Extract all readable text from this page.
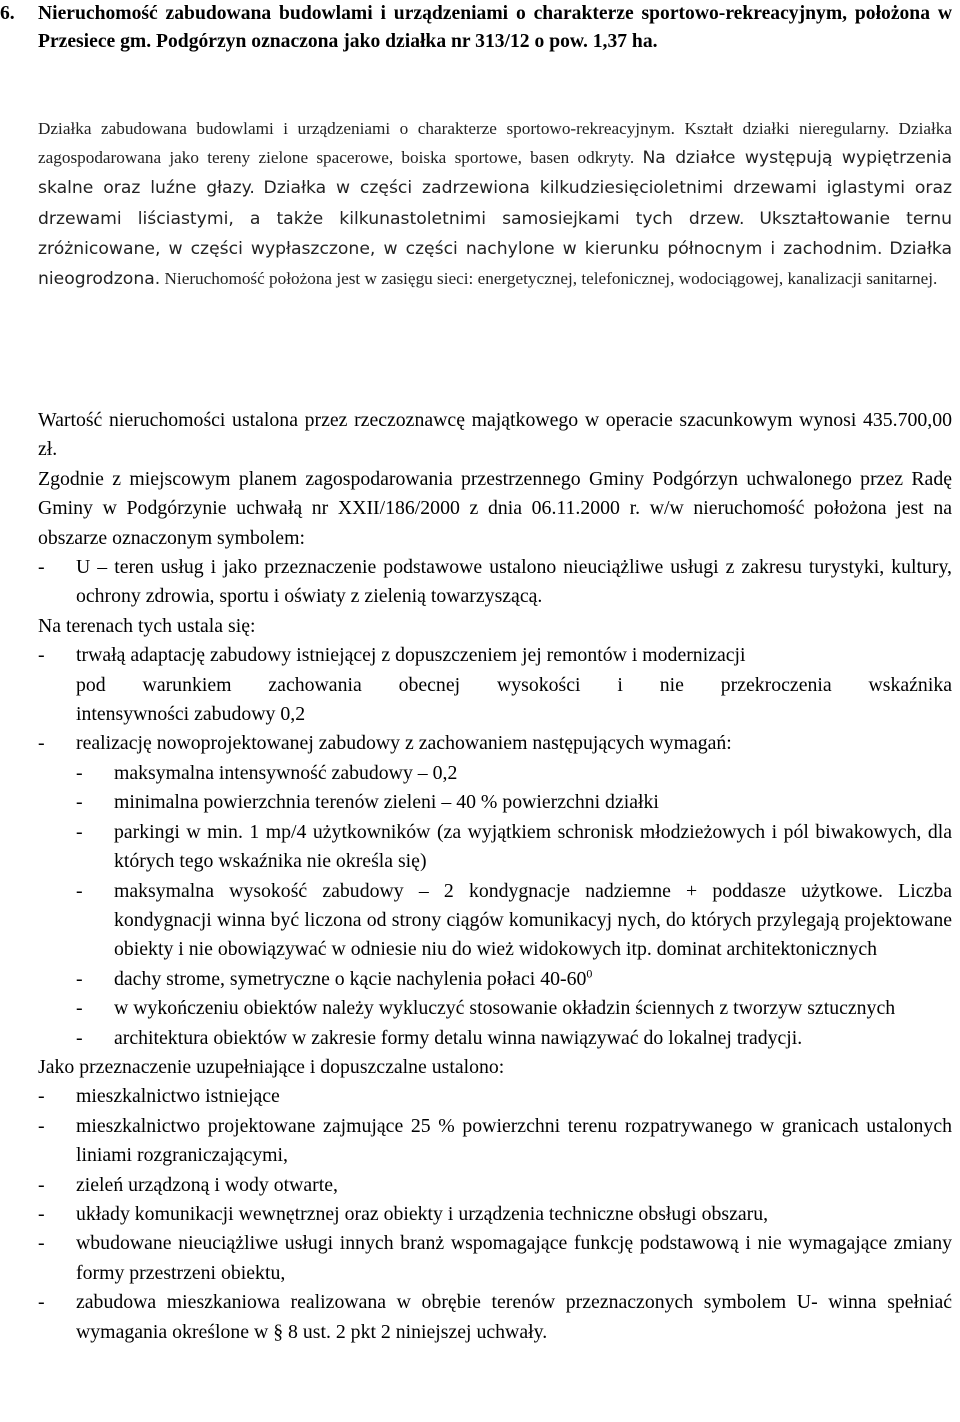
6. Nieruchomość zabudowana budowlami i urządzeniami o charakterze sportowo-rekreacyjnym, położona w Przesiece gm. Podgórzyn oznaczona jako działka nr 313/12 o pow. 1,37 ha.
Działka zabudowana budowlami i urządzeniami o charakterze sportowo-rekreacyjnym. Kształt działki nieregularny. Działka zagospodarowana jako tereny zielone spacerowe, boiska sportowe, basen odkryty. Na działce występują wypiętrzenia skalne oraz luźne głazy. Działka w części zadrzewiona kilkudziesięcioletnimi drzewami iglastymi oraz drzewami liściastymi, a także kilkunastoletnimi samosiejkami tych drzew. Ukształtowanie ternu zróżnicowane, w części wypłaszczone, w części nachylone w kierunku północnym i zachodnim. Działka nieogrodzona. Nieruchomość położona jest w zasięgu sieci: energetycznej, telefonicznej, wodociągowej, kanalizacji sanitarnej.
Wartość nieruchomości ustalona przez rzeczoznawcę majątkowego w operacie szacunkowym wynosi 435.700,00 zł.
Zgodnie z miejscowym planem zagospodarowania przestrzennego Gminy Podgórzyn uchwalonego przez Radę Gminy w Podgórzynie uchwałą nr XXII/186/2000 z dnia 06.11.2000 r. w/w nieruchomość położona jest na obszarze oznaczonym symbolem:
- U – teren usług i jako przeznaczenie podstawowe ustalono nieuciążliwe usługi z zakresu turystyki, kultury, ochrony zdrowia, sportu i oświaty z zielenią towarzyszącą.
Na terenach tych ustala się:
- trwałą adaptację zabudowy istniejącej z dopuszczeniem jej remontów i modernizacji
pod warunkiem zachowania obecnej wysokości i nie przekroczenia wskaźnika
intensywności zabudowy 0,2
- realizację nowoprojektowanej zabudowy z zachowaniem następujących wymagań:
- maksymalna intensywność zabudowy – 0,2
- minimalna powierzchnia terenów zieleni – 40 % powierzchni działki
- parkingi w min. 1 mp/4 użytkowników (za wyjątkiem schronisk młodzieżowych i pól biwakowych, dla których tego wskaźnika nie określa się)
- maksymalna wysokość zabudowy – 2 kondygnacje nadziemne + poddasze użytkowe. Liczba kondygnacji winna być liczona od strony ciągów komunikacyj nych, do których przylegają projektowane obiekty i nie obowiązywać w odniesie niu do wież widokowych itp. dominat architektonicznych
- dachy strome, symetryczne o kącie nachylenia połaci $40-60^0$
- w wykończeniu obiektów należy wykluczyć stosowanie okładzin ściennych z tworzyw sztucznych
- architektura obiektów w zakresie formy detalu winna nawiązywać do lokalnej tradycji.
Jako przeznaczenie uzupełniające i dopuszczalne ustalono:
- mieszkalnictwo istniejące
- mieszkalnictwo projektowane zajmujące 25 % powierzchni terenu rozpatrywanego w granicach ustalonych liniami rozgraniczającymi,
- zieleń urządzoną i wody otwarte,
- układy komunikacji wewnętrznej oraz obiekty i urządzenia techniczne obsługi obszaru,
- wbudowane nieuciążliwe usługi innych branż wspomagające funkcję podstawową i nie wymagające zmiany formy przestrzeni obiektu,
- zabudowa mieszkaniowa realizowana w obrębie terenów przeznaczonych symbolem U- winna spełniać wymagania określone w § 8 ust. 2 pkt 2 niniejszej uchwały.
